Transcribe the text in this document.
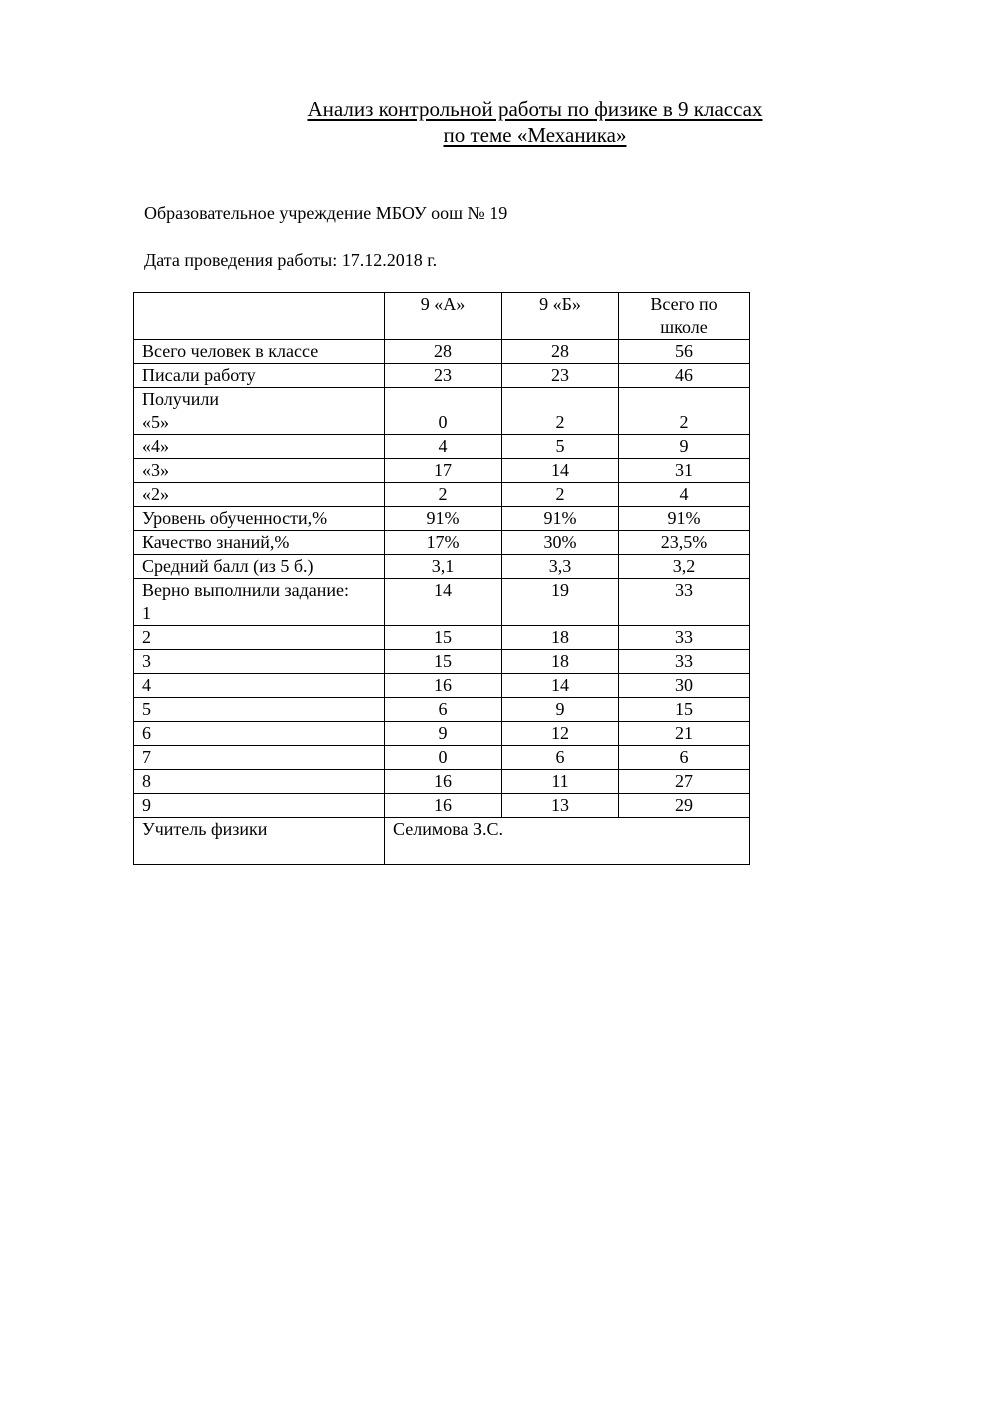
Анализ контрольной работы по физике в 9 классах
по теме «Механика»
Образовательное учреждение МБОУ оош № 19
Дата проведения работы: 17.12.2018 г.
	9 «А»	9 «Б»	Всего по
школе

Всего человек в классе	28	28	56
Писали работу	23	23	46

Получили
«5»	0	2	2
«4»	4	5	9
«3»	17	14	31
«2»	2	2	4
Уровень обученности,%	91%	91%	91%
Качество знаний,%	17%	30%	23,5%
Средний балл (из 5 б.)	3,1	3,3	3,2

Верно выполнили задание:
1	14	19	33
2	15	18	33
3	15	18	33
4	16	14	30
5	6	9	15
6	9	12	21
7	0	6	6
8	16	11	27
9	16	13	29
Учитель физики	Селимова З.С.		
